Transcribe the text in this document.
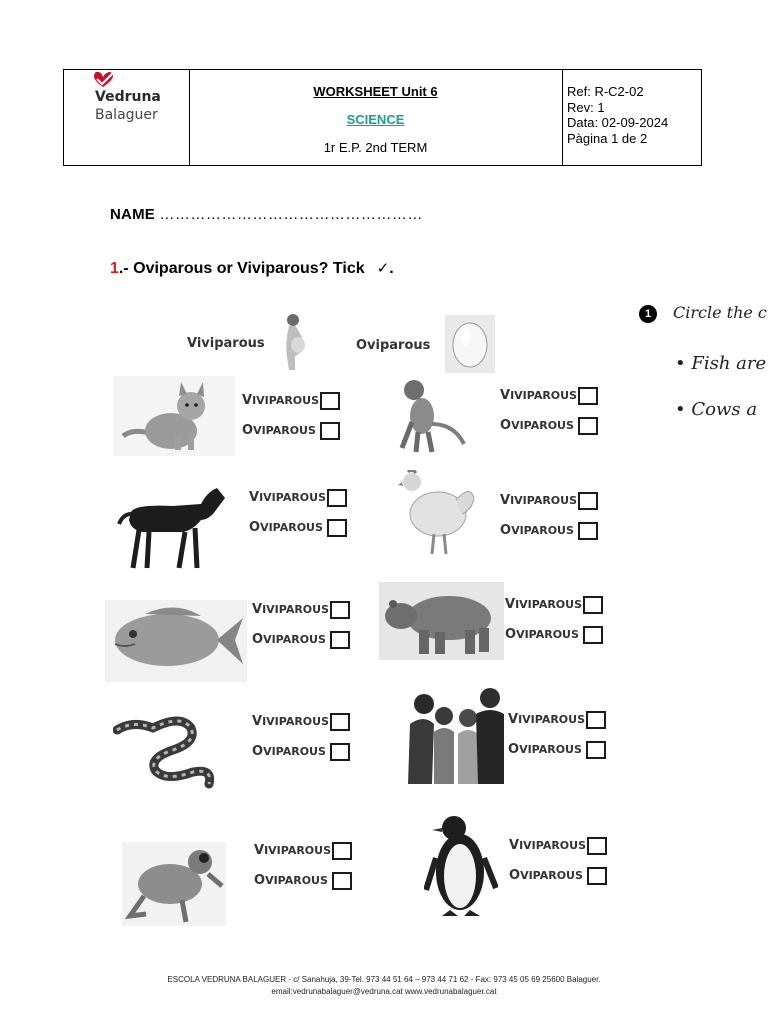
Vedruna
Balaguer
WORKSHEET Unit 6
SCIENCE
1r E.P. 2nd TERM
Ref: R-C2-02
Rev: 1
Data: 02-09-2024
Pàgina 1 de 2
NAME ……………………………………………
1.- Oviparous or Viviparous? Tick ✓.
1	Circle the c
• Fish are
• Cows a
Viviparous	Oviparous
VIVIPAROUS
OVIPAROUS
VIVIPAROUS
OVIPAROUS
VIVIPAROUS
OVIPAROUS
VIVIPAROUS
OVIPAROUS
VIVIPAROUS
OVIPAROUS
VIVIPAROUS
OVIPAROUS
VIVIPAROUS
OVIPAROUS
VIVIPAROUS
OVIPAROUS
VIVIPAROUS
OVIPAROUS
VIVIPAROUS
OVIPAROUS
ESCOLA VEDRUNA BALAGUER - c/ Sanahuja, 39-Tel. 973 44 51 64 – 973 44 71 62 - Fax: 973 45 05 69 25600 Balaguer.
email:vedrunabalaguer@vedruna.cat www.vedrunabalaguer.cat
